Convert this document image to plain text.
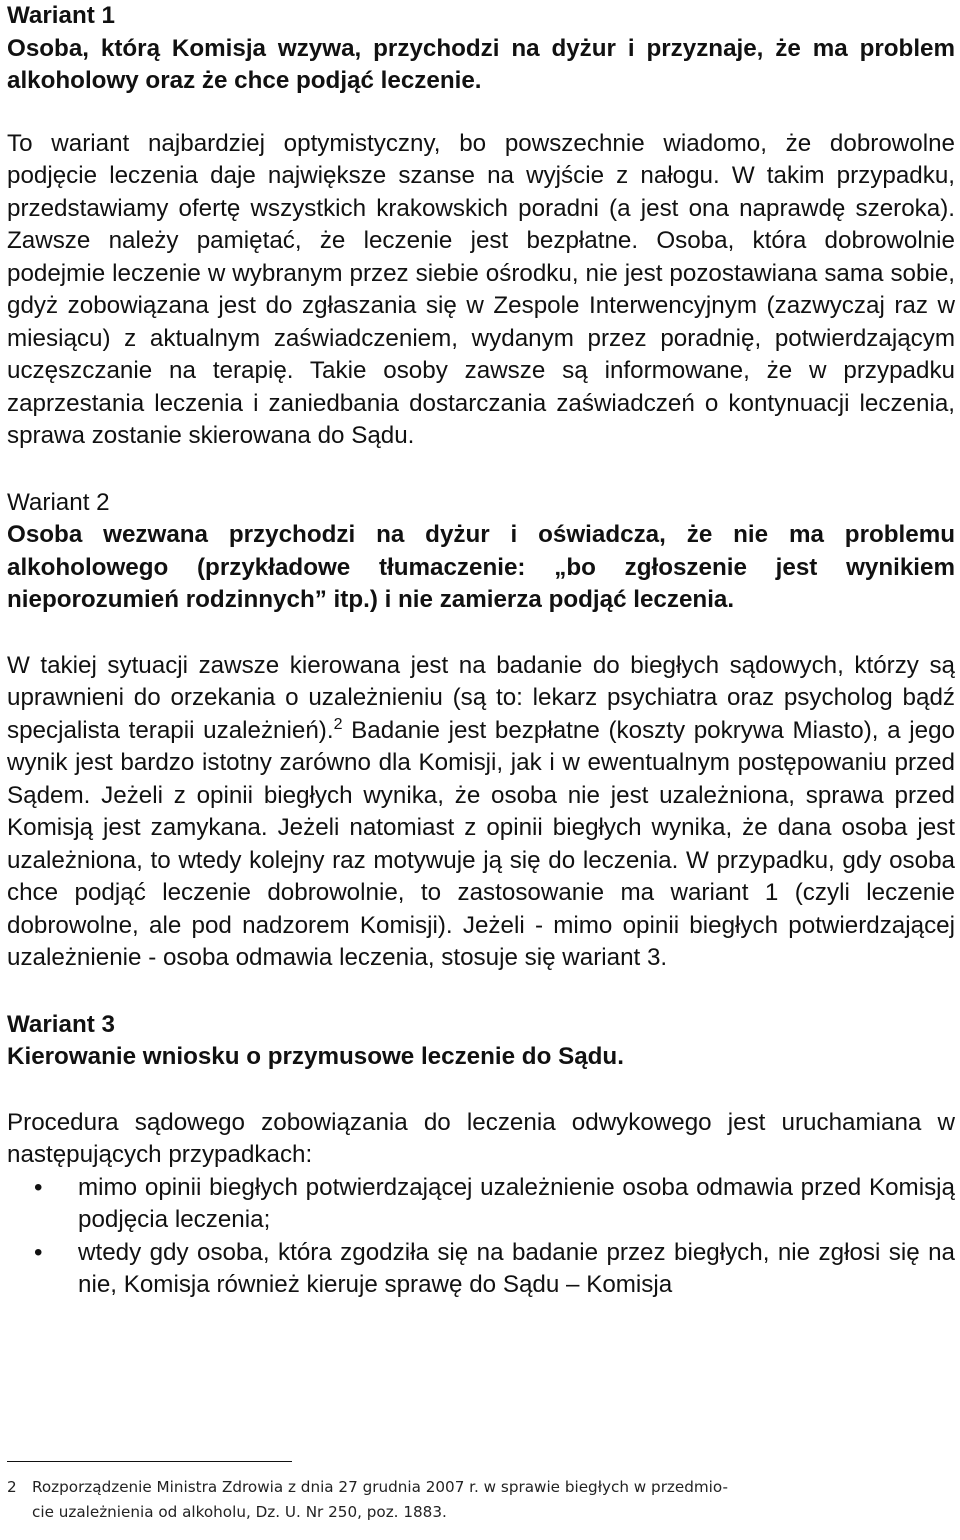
Wariant 1

Osoba, którą Komisja wzywa, przychodzi na dyżur i przyznaje, że ma problem alkoholowy oraz że chce podjąć leczenie.

To wariant najbardziej optymistyczny, bo powszechnie wiadomo, że dobrowolne podjęcie leczenia daje największe szanse na wyjście z nałogu. W takim przypadku, przedstawiamy ofertę wszystkich krakowskich poradni (a jest ona naprawdę szeroka). Zawsze należy pamiętać, że leczenie jest bezpłatne. Osoba, która dobrowolnie podejmie leczenie w wybranym przez siebie ośrodku, nie jest pozostawiana sama sobie, gdyż zobowiązana jest do zgłaszania się w Zespole Interwencyjnym (zazwyczaj raz w miesiącu) z aktualnym zaświadczeniem, wydanym przez poradnię, potwierdzającym uczęszczanie na terapię. Takie osoby zawsze są informowane, że w przypadku zaprzestania leczenia i zaniedbania dostarczania zaświadczeń o kontynuacji leczenia, sprawa zostanie skierowana do Sądu.

Wariant 2

Osoba wezwana przychodzi na dyżur i oświadcza, że nie ma problemu alkoholowego (przykładowe tłumaczenie: „bo zgłoszenie jest wynikiem nieporozumień rodzinnych” itp.) i nie zamierza podjąć leczenia.

W takiej sytuacji zawsze kierowana jest na badanie do biegłych sądowych, którzy są uprawnieni do orzekania o uzależnieniu (są to: lekarz psychiatra oraz psycholog bądź specjalista terapii uzależnień).$^2$ Badanie jest bezpłatne (koszty pokrywa Miasto), a jego wynik jest bardzo istotny zarówno dla Komisji, jak i w ewentualnym postępowaniu przed Sądem. Jeżeli z opinii biegłych wynika, że osoba nie jest uzależniona, sprawa przed Komisją jest zamykana. Jeżeli natomiast z opinii biegłych wynika, że dana osoba jest uzależniona, to wtedy kolejny raz motywuje ją się do leczenia. W przypadku, gdy osoba chce podjąć leczenie dobrowolnie, to zastosowanie ma wariant 1 (czyli leczenie dobrowolne, ale pod nadzorem Komisji). Jeżeli - mimo opinii biegłych potwierdzającej uzależnienie - osoba odmawia leczenia, stosuje się wariant 3.

Wariant 3

Kierowanie wniosku o przymusowe leczenie do Sądu.

Procedura sądowego zobowiązania do leczenia odwykowego jest uruchamiana w następujących przypadkach:

• mimo opinii biegłych potwierdzającej uzależnienie osoba odmawia przed Komisją podjęcia leczenia;
• wtedy gdy osoba, która zgodziła się na badanie przez biegłych, nie zgłosi się na nie, Komisja również kieruje sprawę do Sądu – Komisja
2 Rozporządzenie Ministra Zdrowia z dnia 27 grudnia 2007 r. w sprawie biegłych w przedmio-
cie uzależnienia od alkoholu, Dz. U. Nr 250, poz. 1883.
